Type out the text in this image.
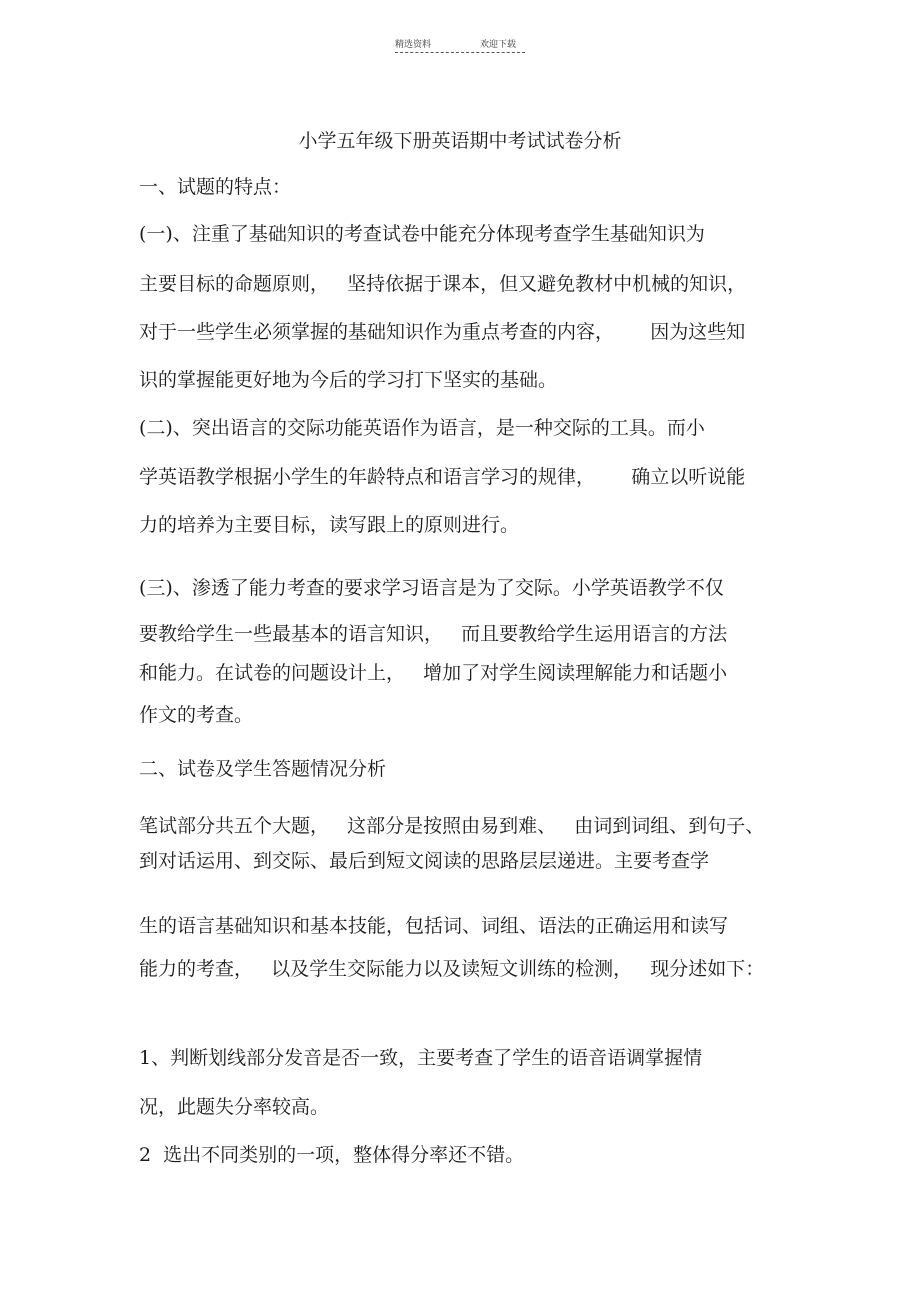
精选资料	欢迎下载
小学五年级下册英语期中考试试卷分析
一、试题的特点：
(一)、注重了基础知识的考查试卷中能充分体现考查学生基础知识为
主要目标的命题原则，   坚持依据于课本，但又避免教材中机械的知识，
对于一些学生必须掌握的基础知识作为重点考查的内容，      因为这些知
识的掌握能更好地为今后的学习打下坚实的基础。
(二)、突出语言的交际功能英语作为语言，是一种交际的工具。而小
学英语教学根据小学生的年龄特点和语言学习的规律，      确立以听说能
力的培养为主要目标，读写跟上的原则进行。
(三)、渗透了能力考查的要求学习语言是为了交际。小学英语教学不仅
要教给学生一些最基本的语言知识，   而且要教给学生运用语言的方法
和能力。在试卷的问题设计上，   增加了对学生阅读理解能力和话题小
作文的考查。
二、试卷及学生答题情况分析
笔试部分共五个大题，   这部分是按照由易到难、   由词到词组、到句子、
到对话运用、到交际、最后到短文阅读的思路层层递进。主要考查学
生的语言基础知识和基本技能，包括词、词组、语法的正确运用和读写
能力的考查，   以及学生交际能力以及读短文训练的检测，   现分述如下：
1、判断划线部分发音是否一致，主要考查了学生的语音语调掌握情
况，此题失分率较高。
2  选出不同类别的一项，整体得分率还不错。
